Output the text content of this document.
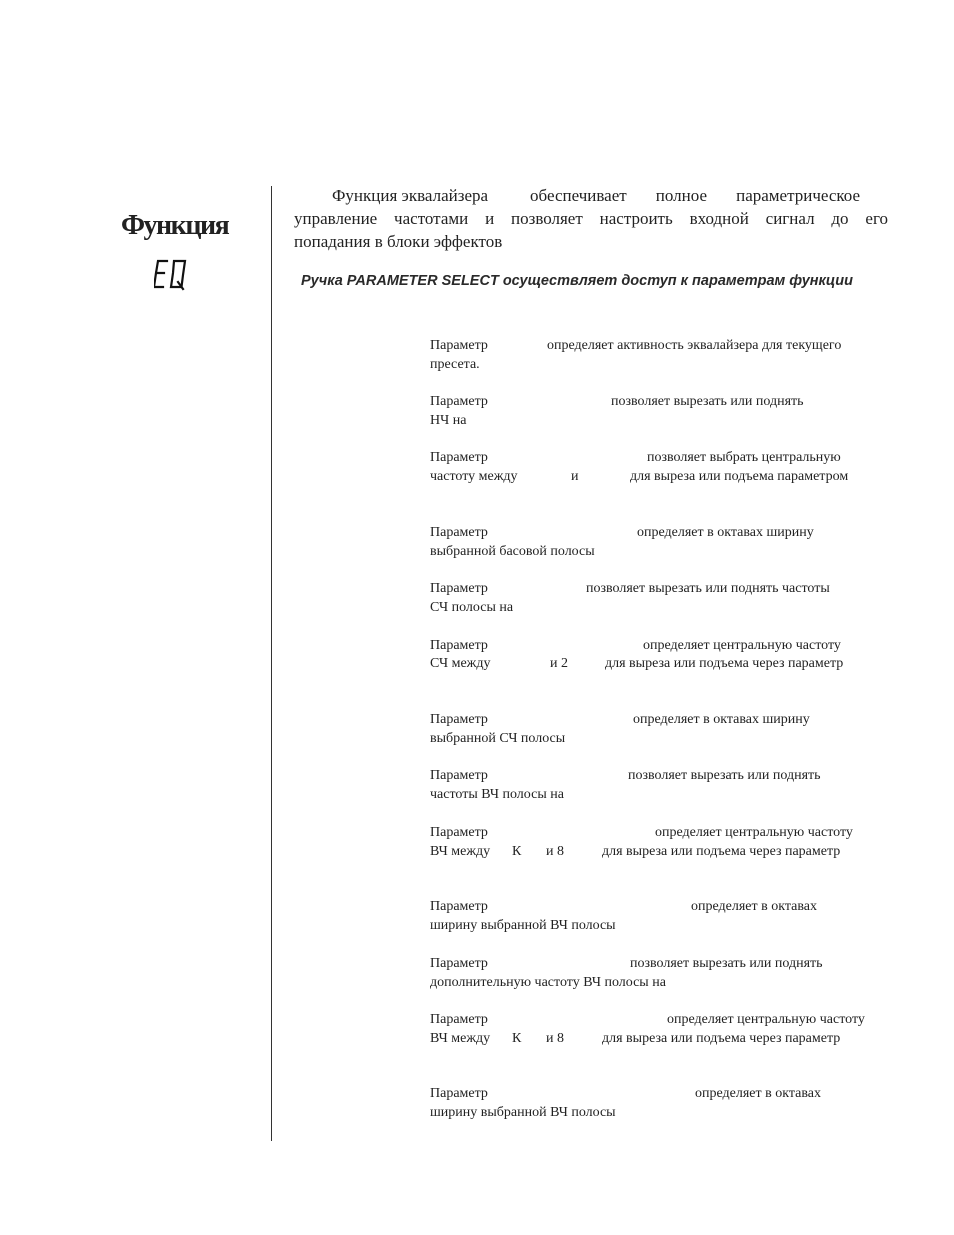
Функция
Функция эквалайзера обеспечивает полное параметрическое
управление частотами и позволяет настроить входной сигнал до его
попадания в блоки эффектов
Ручка PARAMETER SELECT осуществляет доступ к параметрам функции
Параметр	определяет активность эквалайзера для текущего
пресета.
Параметр	позволяет вырезать или поднять
НЧ на
Параметр	позволяет выбрать центральную
частоту между	и	для выреза или подъема параметром
Параметр	определяет в октавах ширину
выбранной басовой полосы
Параметр	позволяет вырезать или поднять частоты
СЧ полосы на
Параметр	определяет центральную частоту
СЧ между	и 2	для выреза или подъема через параметр
Параметр	определяет в октавах ширину
выбранной СЧ полосы
Параметр	позволяет вырезать или поднять
частоты ВЧ полосы на
Параметр	определяет центральную частоту
ВЧ между К и 8	для выреза или подъема через параметр
Параметр	определяет в октавах
ширину выбранной ВЧ полосы
Параметр	позволяет вырезать или поднять
дополнительную частоту ВЧ полосы на
Параметр	определяет центральную частоту
ВЧ между К и 8	для выреза или подъема через параметр
Параметр	определяет в октавах
ширину выбранной ВЧ полосы
